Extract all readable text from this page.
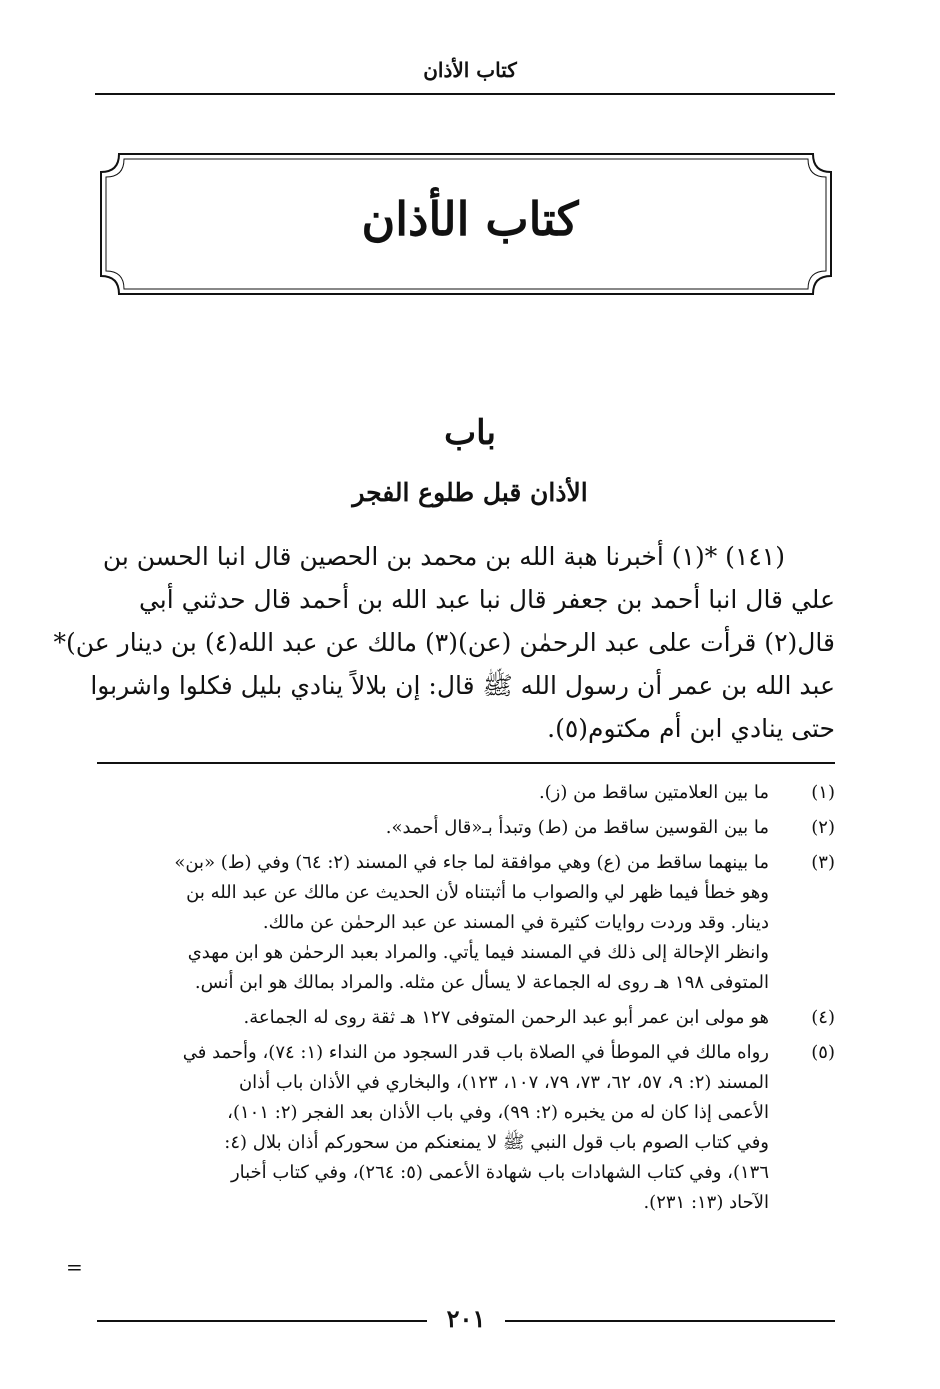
كتاب الأذان
كتاب الأذان
باب
الأذان قبل طلوع الفجر
(١٤١) *(١) أخبرنا هبة الله بن محمد بن الحصين قال انبا الحسن بن
علي قال انبا أحمد بن جعفر قال نبا عبد الله بن أحمد قال حدثني أبي
قال(٢) قرأت على عبد الرحمٰن (عن)(٣) مالك عن عبد الله(٤) بن دينار عن)*
عبد الله بن عمر أن رسول الله ﷺ قال: إن بلالاً ينادي بليل فكلوا واشربوا
حتى ينادي ابن أم مكتوم(٥).
(١)
ما بين العلامتين ساقط من (ز).
(٢)
ما بين القوسين ساقط من (ط) وتبدأ بـ«قال أحمد».
(٣)
ما بينهما ساقط من (ع) وهي موافقة لما جاء في المسند (٢: ٦٤) وفي (ط) «بن»
وهو خطأ فيما ظهر لي والصواب ما أثبتناه لأن الحديث عن مالك عن عبد الله بن
دينار. وقد وردت روايات كثيرة في المسند عن عبد الرحمٰن عن مالك.
وانظر الإحالة إلى ذلك في المسند فيما يأتي. والمراد بعبد الرحمٰن هو ابن مهدي
المتوفى ١٩٨ هـ روى له الجماعة لا يسأل عن مثله. والمراد بمالك هو ابن أنس.
(٤)
هو مولى ابن عمر أبو عبد الرحمن المتوفى ١٢٧ هـ ثقة روى له الجماعة.
(٥)
رواه مالك في الموطأ في الصلاة باب قدر السجود من النداء (١: ٧٤)، وأحمد في
المسند (٢: ٩، ٥٧، ٦٢، ٧٣، ٧٩، ١٠٧، ١٢٣)، والبخاري في الأذان باب أذان
الأعمى إذا كان له من يخبره (٢: ٩٩)، وفي باب الأذان بعد الفجر (٢: ١٠١)،
وفي كتاب الصوم باب قول النبي ﷺ لا يمنعنكم من سحوركم أذان بلال (٤:
١٣٦)، وفي كتاب الشهادات باب شهادة الأعمى (٥: ٢٦٤)، وفي كتاب أخبار
الآحاد (١٣: ٢٣١).
=
٢٠١
